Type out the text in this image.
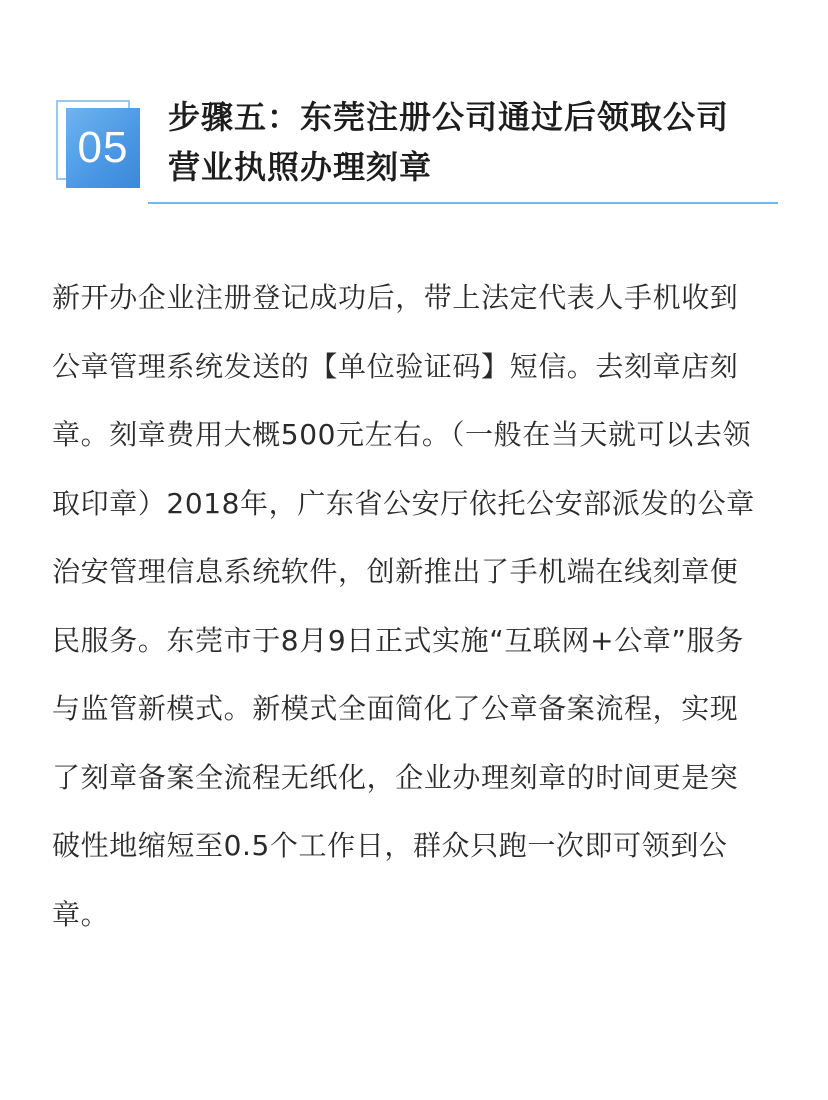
05
步骤五：东莞注册公司通过后领取公司
营业执照办理刻章
新开办企业注册登记成功后，带上法定代表人手机收到
公章管理系统发送的【单位验证码】短信。去刻章店刻
章。刻章费用大概500元左右。（一般在当天就可以去领
取印章）2018年，广东省公安厅依托公安部派发的公章
治安管理信息系统软件，创新推出了手机端在线刻章便
民服务。东莞市于8月9日正式实施“互联网+公章”服务
与监管新模式。新模式全面简化了公章备案流程，实现
了刻章备案全流程无纸化，企业办理刻章的时间更是突
破性地缩短至0.5个工作日，群众只跑一次即可领到公
章。
